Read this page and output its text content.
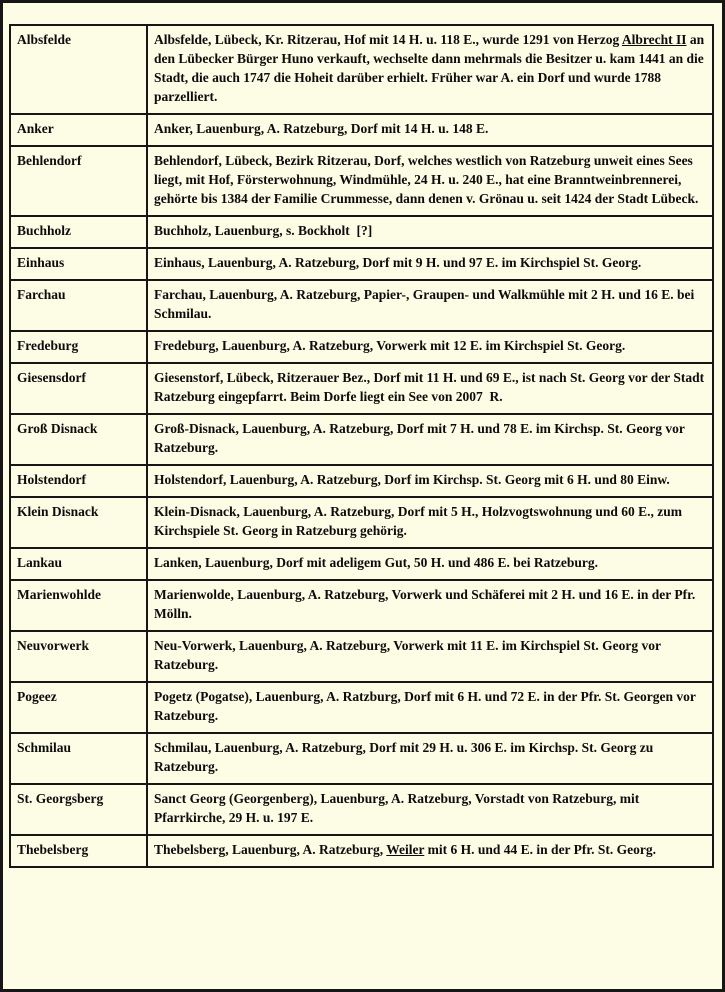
Albsfelde	Albsfelde, Lübeck, Kr. Ritzerau, Hof mit 14 H. u. 118 E., wurde 1291 von Herzog Albrecht II an den Lübecker Bürger Huno verkauft, wechselte dann mehrmals die Besitzer u. kam 1441 an die Stadt, die auch 1747 die Hoheit darüber erhielt. Früher war A. ein Dorf und wurde 1788 parzelliert.
Anker	Anker, Lauenburg, A. Ratzeburg, Dorf mit 14 H. u. 148 E.
Behlendorf	Behlendorf, Lübeck, Bezirk Ritzerau, Dorf, welches westlich von Ratzeburg unweit eines Sees liegt, mit Hof, Försterwohnung, Windmühle, 24 H. u. 240 E., hat eine Branntweinbrennerei, gehörte bis 1384 der Familie Crummesse, dann denen v. Grönau u. seit 1424 der Stadt Lübeck.
Buchholz	Buchholz, Lauenburg, s. Bockholt  [?]
Einhaus	Einhaus, Lauenburg, A. Ratzeburg, Dorf mit 9 H. und 97 E. im Kirchspiel St. Georg.
Farchau	Farchau, Lauenburg, A. Ratzeburg, Papier-, Graupen- und Walkmühle mit 2 H. und 16 E. bei Schmilau.
Fredeburg	Fredeburg, Lauenburg, A. Ratzeburg, Vorwerk mit 12 E. im Kirchspiel St. Georg.
Giesensdorf	Giesenstorf, Lübeck, Ritzerauer Bez., Dorf mit 11 H. und 69 E., ist nach St. Georg vor der Stadt Ratzeburg eingepfarrt. Beim Dorfe liegt ein See von 2007  R.
Groß Disnack	Groß-Disnack, Lauenburg, A. Ratzeburg, Dorf mit 7 H. und 78 E. im Kirchsp. St. Georg vor Ratzeburg.
Holstendorf	Holstendorf, Lauenburg, A. Ratzeburg, Dorf im Kirchsp. St. Georg mit 6 H. und 80 Einw.
Klein Disnack	Klein-Disnack, Lauenburg, A. Ratzeburg, Dorf mit 5 H., Holzvogtswohnung und 60 E., zum Kirchspiele St. Georg in Ratzeburg gehörig.
Lankau	Lanken, Lauenburg, Dorf mit adeligem Gut, 50 H. und 486 E. bei Ratzeburg.
Marienwohlde	Marienwolde, Lauenburg, A. Ratzeburg, Vorwerk und Schäferei mit 2 H. und 16 E. in der Pfr. Mölln.
Neuvorwerk	Neu-Vorwerk, Lauenburg, A. Ratzeburg, Vorwerk mit 11 E. im Kirchspiel St. Georg vor Ratzeburg.
Pogeez	Pogetz (Pogatse), Lauenburg, A. Ratzburg, Dorf mit 6 H. und 72 E. in der Pfr. St. Georgen vor Ratzeburg.
Schmilau	Schmilau, Lauenburg, A. Ratzeburg, Dorf mit 29 H. u. 306 E. im Kirchsp. St. Georg zu Ratzeburg.
St. Georgsberg	Sanct Georg (Georgenberg), Lauenburg, A. Ratzeburg, Vorstadt von Ratzeburg, mit Pfarrkirche, 29 H. u. 197 E.
Thebelsberg	Thebelsberg, Lauenburg, A. Ratzeburg, Weiler mit 6 H. und 44 E. in der Pfr. St. Georg.
